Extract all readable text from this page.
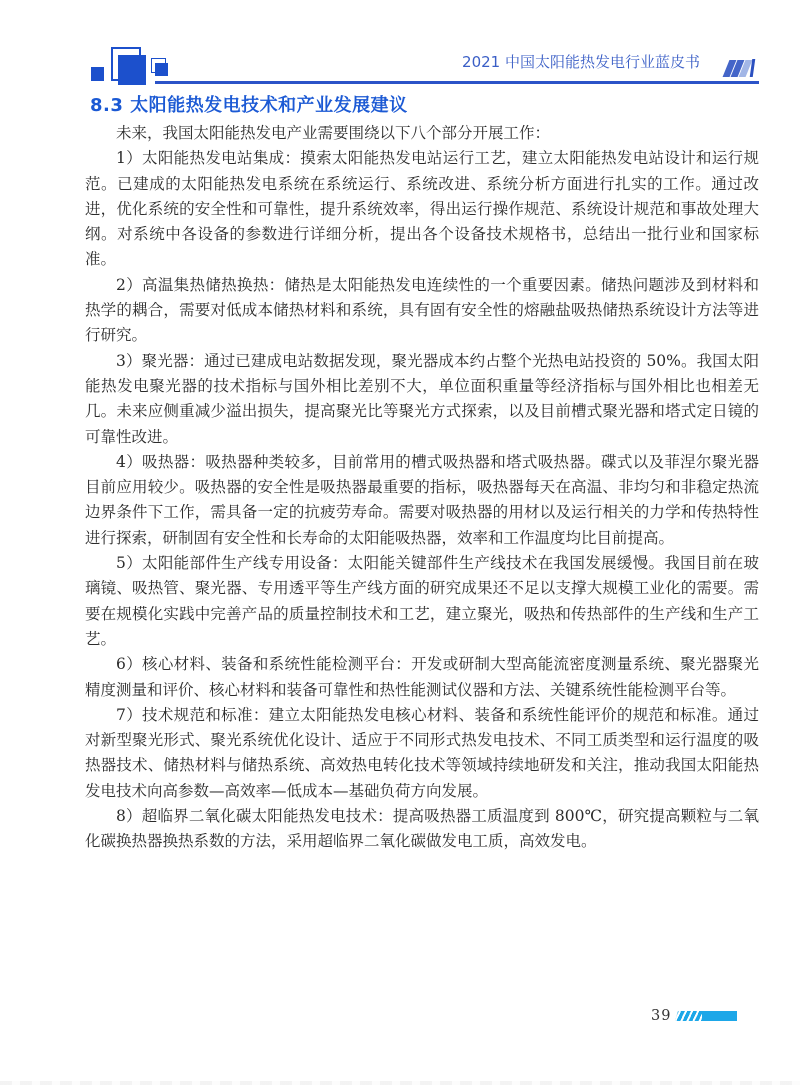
2021 中国太阳能热发电行业蓝皮书
8.3 太阳能热发电技术和产业发展建议

未来，我国太阳能热发电产业需要围绕以下八个部分开展工作：

1）太阳能热发电站集成：摸索太阳能热发电站运行工艺，建立太阳能热发电站设计和运行规范。已建成的太阳能热发电系统在系统运行、系统改进、系统分析方面进行扎实的工作。通过改进，优化系统的安全性和可靠性，提升系统效率，得出运行操作规范、系统设计规范和事故处理大纲。对系统中各设备的参数进行详细分析，提出各个设备技术规格书，总结出一批行业和国家标准。

2）高温集热储热换热：储热是太阳能热发电连续性的一个重要因素。储热问题涉及到材料和热学的耦合，需要对低成本储热材料和系统，具有固有安全性的熔融盐吸热储热系统设计方法等进行研究。

3）聚光器：通过已建成电站数据发现，聚光器成本约占整个光热电站投资的 50%。我国太阳能热发电聚光器的技术指标与国外相比差别不大，单位面积重量等经济指标与国外相比也相差无几。未来应侧重减少溢出损失，提高聚光比等聚光方式探索，以及目前槽式聚光器和塔式定日镜的可靠性改进。

4）吸热器：吸热器种类较多，目前常用的槽式吸热器和塔式吸热器。碟式以及菲涅尔聚光器目前应用较少。吸热器的安全性是吸热器最重要的指标，吸热器每天在高温、非均匀和非稳定热流边界条件下工作，需具备一定的抗疲劳寿命。需要对吸热器的用材以及运行相关的力学和传热特性进行探索，研制固有安全性和长寿命的太阳能吸热器，效率和工作温度均比目前提高。

5）太阳能部件生产线专用设备：太阳能关键部件生产线技术在我国发展缓慢。我国目前在玻璃镜、吸热管、聚光器、专用透平等生产线方面的研究成果还不足以支撑大规模工业化的需要。需要在规模化实践中完善产品的质量控制技术和工艺，建立聚光，吸热和传热部件的生产线和生产工艺。

6）核心材料、装备和系统性能检测平台：开发或研制大型高能流密度测量系统、聚光器聚光精度测量和评价、核心材料和装备可靠性和热性能测试仪器和方法、关键系统性能检测平台等。

7）技术规范和标准：建立太阳能热发电核心材料、装备和系统性能评价的规范和标准。通过对新型聚光形式、聚光系统优化设计、适应于不同形式热发电技术、不同工质类型和运行温度的吸热器技术、储热材料与储热系统、高效热电转化技术等领域持续地研发和关注，推动我国太阳能热发电技术向高参数—高效率—低成本—基础负荷方向发展。

8）超临界二氧化碳太阳能热发电技术：提高吸热器工质温度到 800℃，研究提高颗粒与二氧化碳换热器换热系数的方法，采用超临界二氧化碳做发电工质，高效发电。

39
